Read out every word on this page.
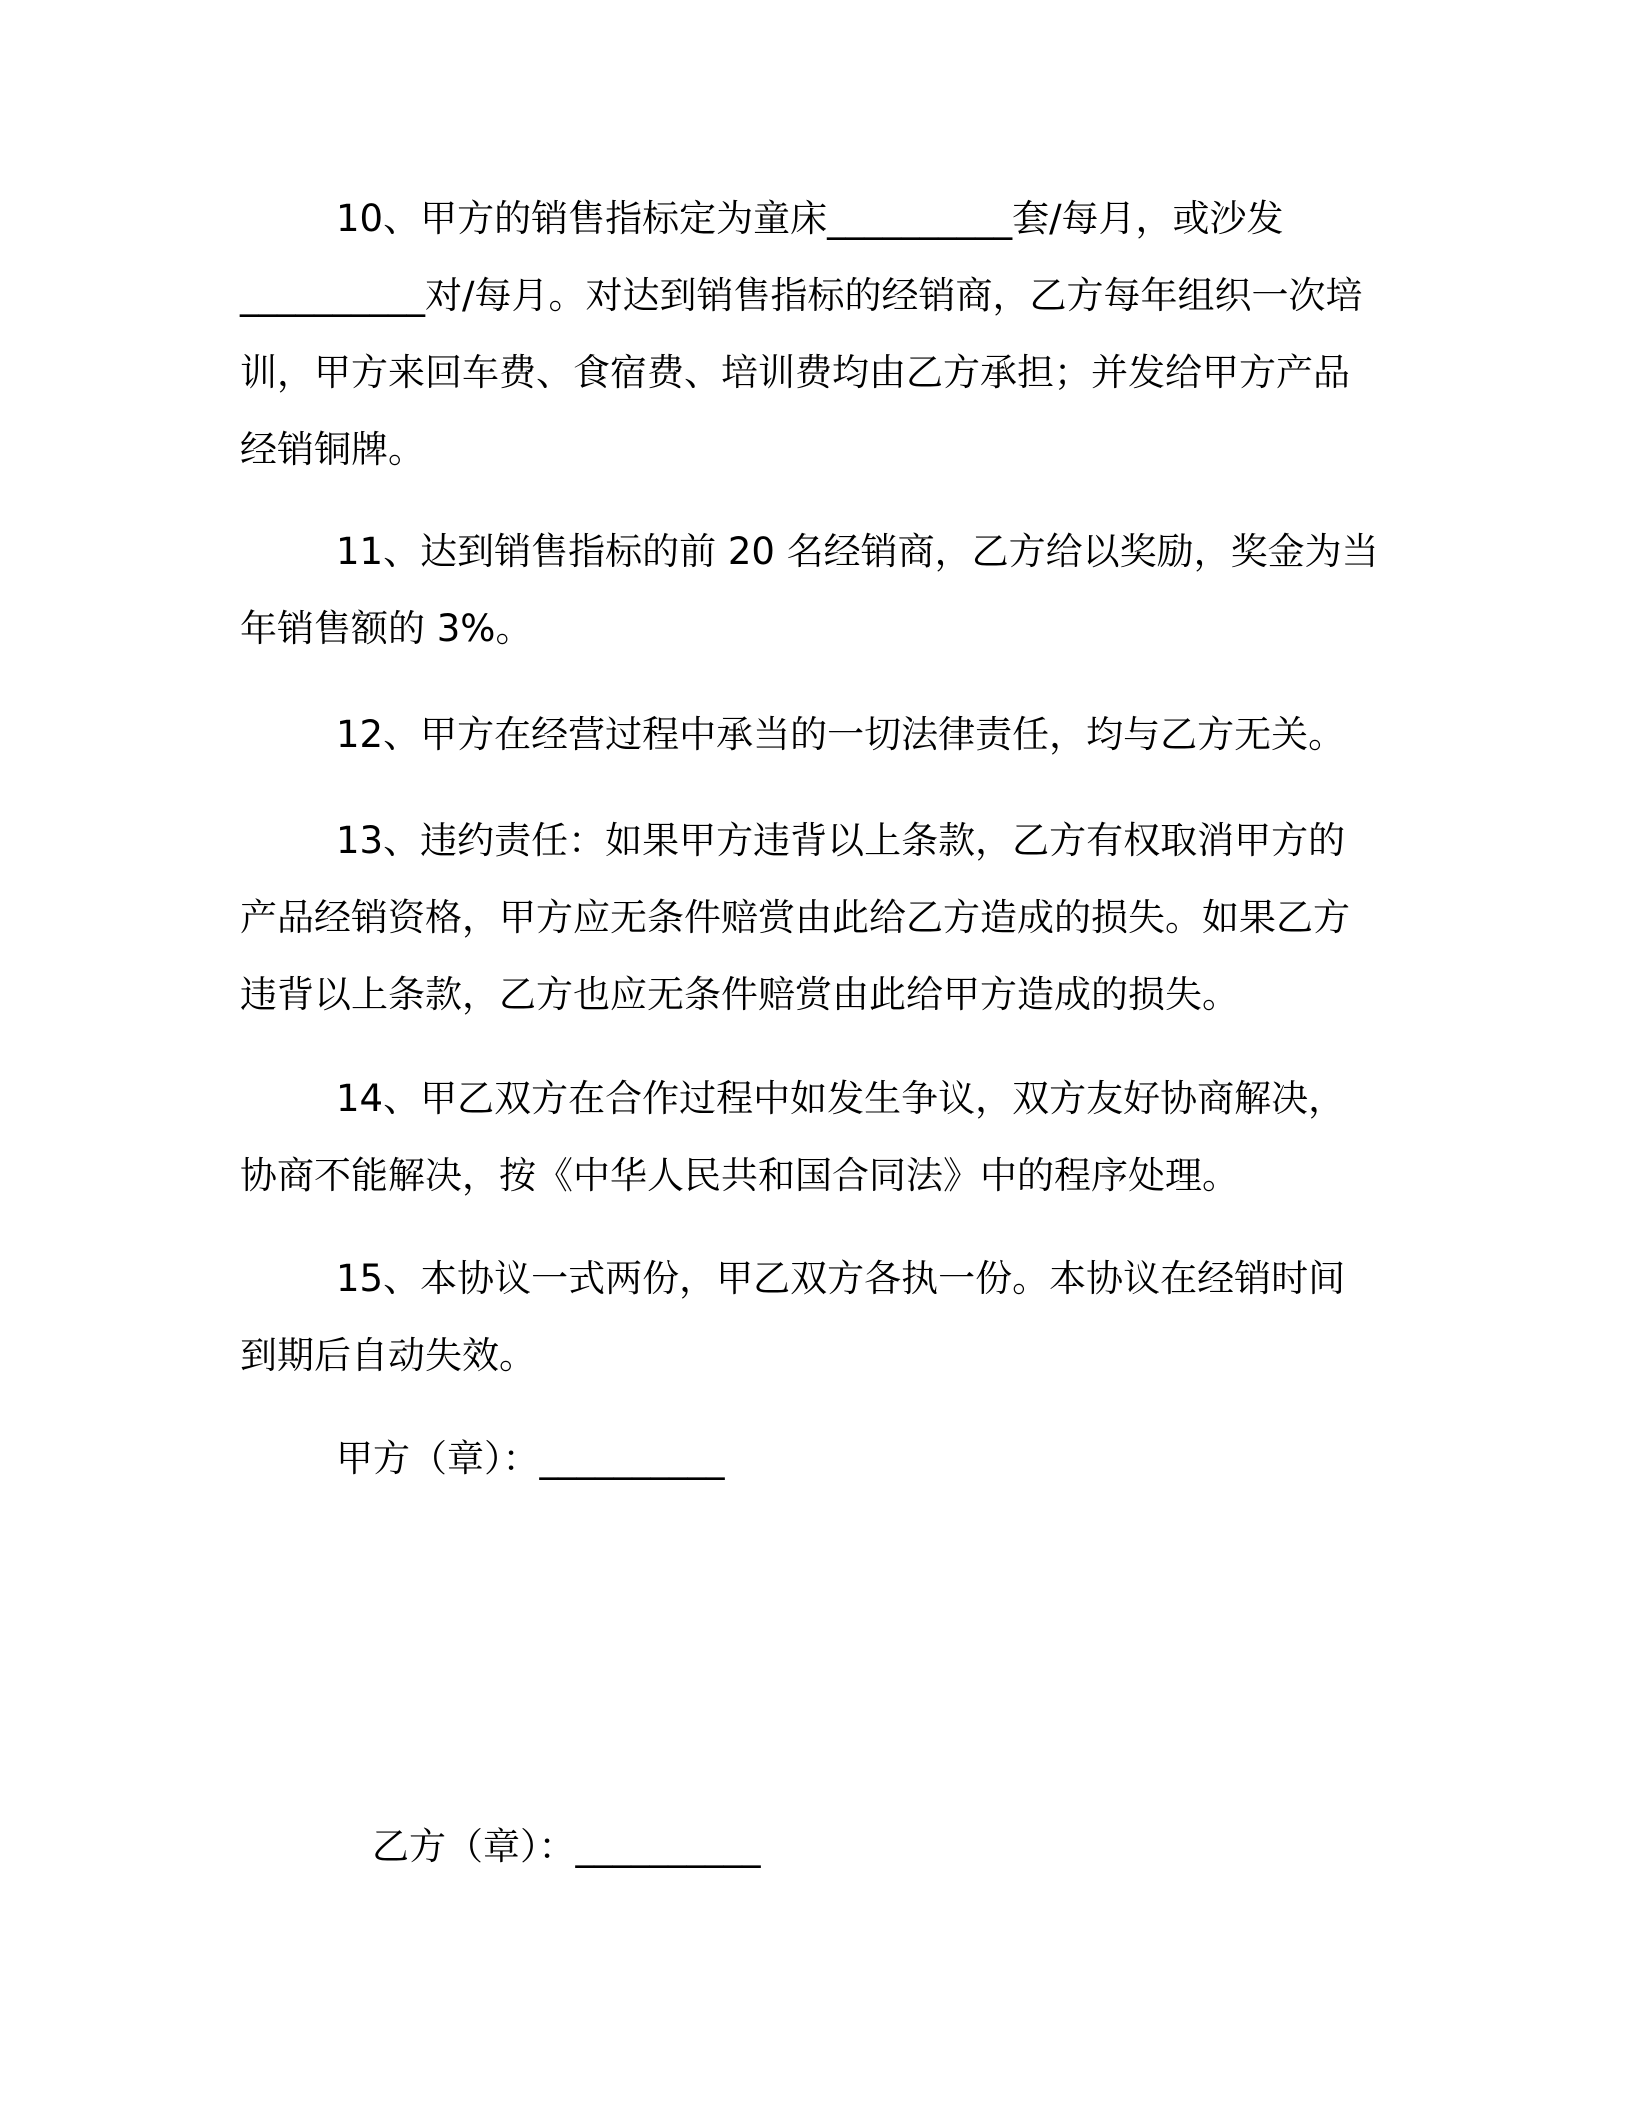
10、甲方的销售指标定为童床__________套/每月，或沙发__________对/每月。对达到销售指标的经销商，乙方每年组织一次培训，甲方来回车费、食宿费、培训费均由乙方承担；并发给甲方产品经销铜牌。

11、达到销售指标的前 20 名经销商，乙方给以奖励，奖金为当年销售额的 3%。

12、甲方在经营过程中承当的一切法律责任，均与乙方无关。

13、违约责任：如果甲方违背以上条款，乙方有权取消甲方的产品经销资格，甲方应无条件赔赏由此给乙方造成的损失。如果乙方违背以上条款，乙方也应无条件赔赏由此给甲方造成的损失。

14、甲乙双方在合作过程中如发生争议，双方友好协商解决，协商不能解决，按《中华人民共和国合同法》中的程序处理。

15、本协议一式两份，甲乙双方各执一份。本协议在经销时间到期后自动失效。

甲方（章）：__________

乙方（章）：__________
